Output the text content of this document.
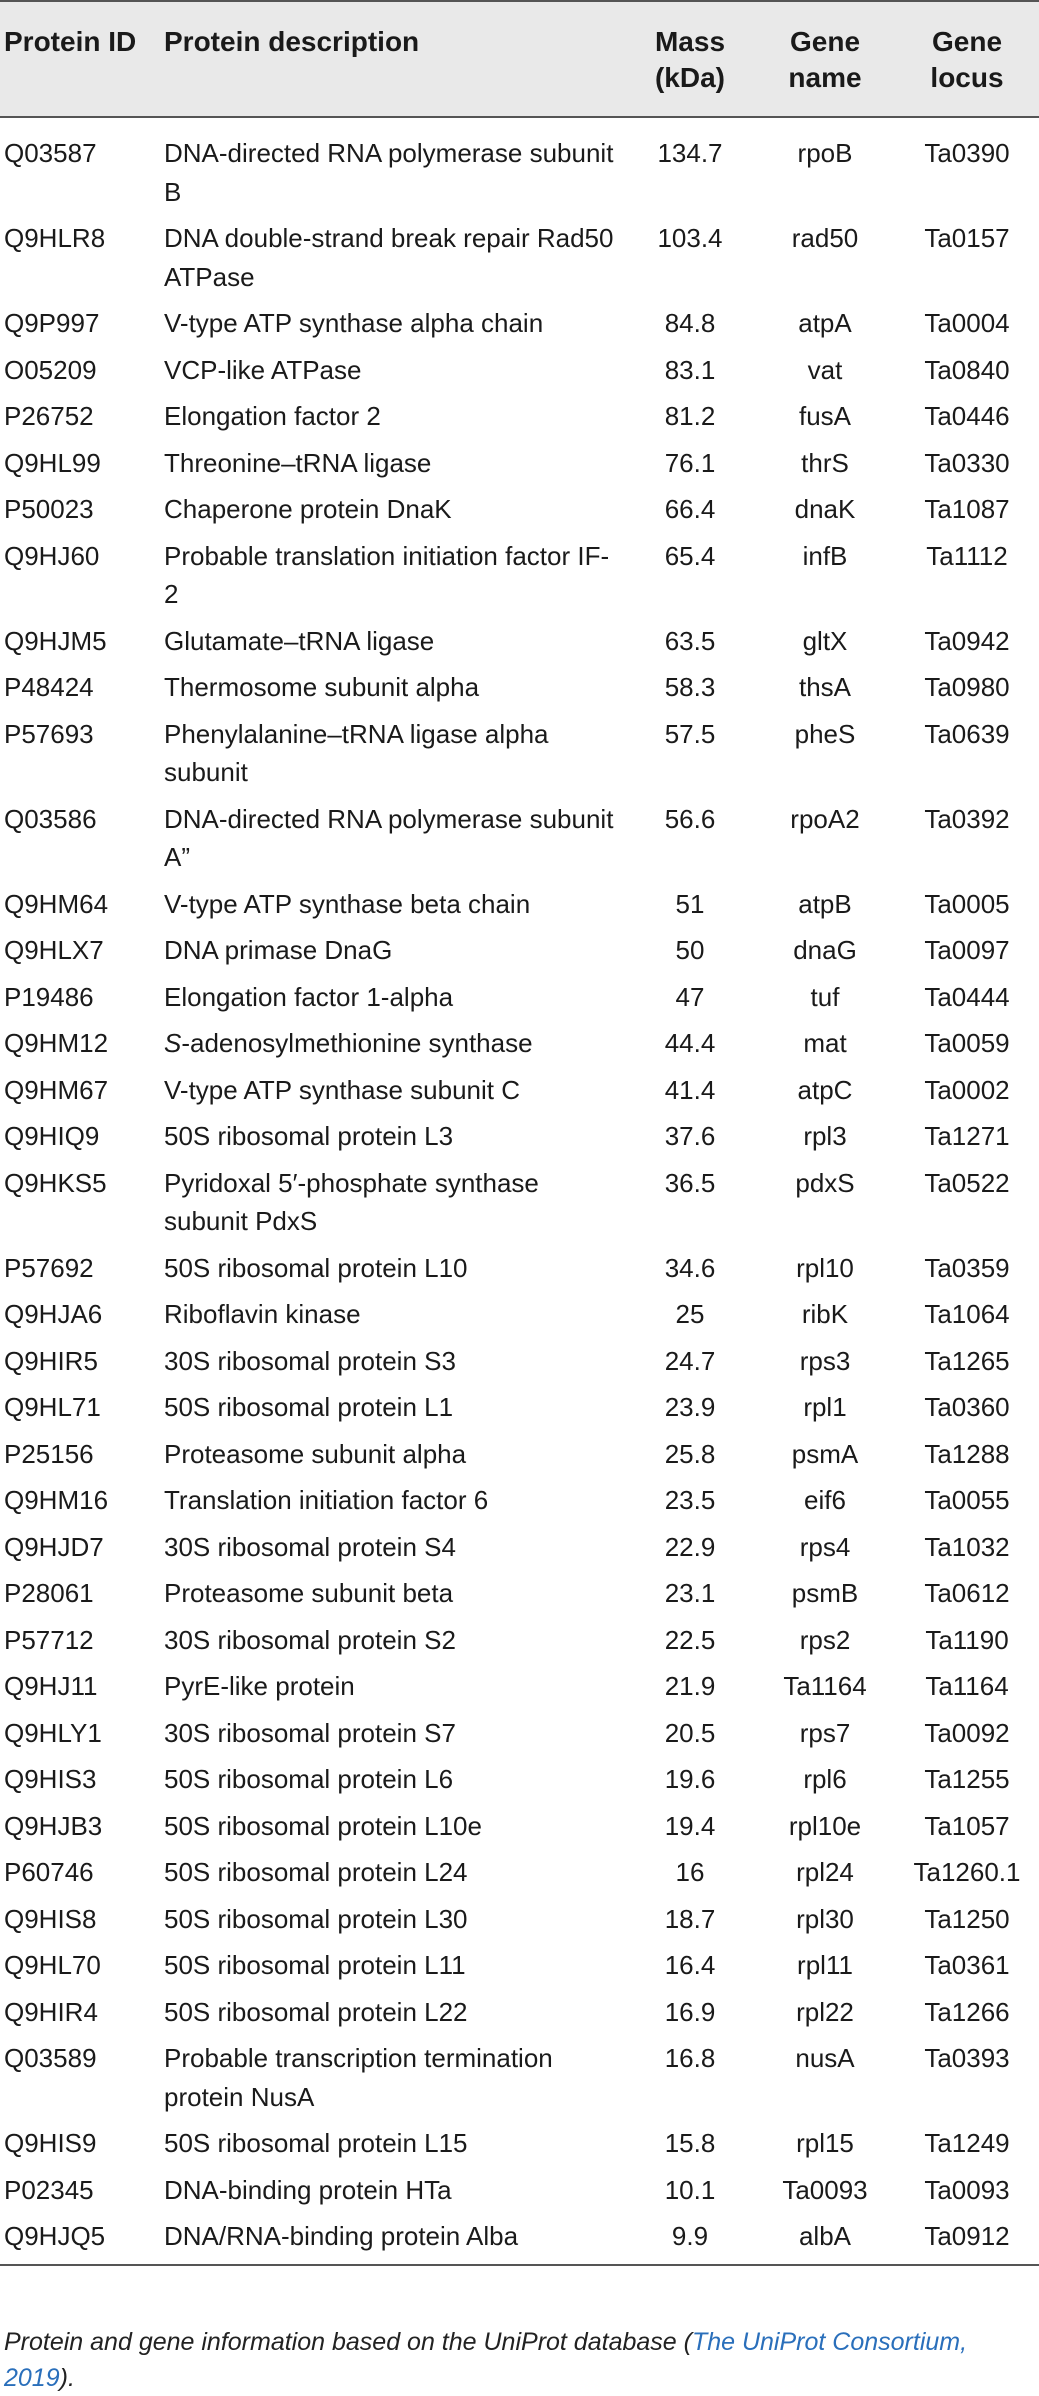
Protein ID	Protein description	Mass (kDa)	Gene name	Gene locus
Q03587	DNA-directed RNA polymerase subunit B	134.7	rpoB	Ta0390
Q9HLR8	DNA double-strand break repair Rad50 ATPase	103.4	rad50	Ta0157
Q9P997	V-type ATP synthase alpha chain	84.8	atpA	Ta0004
O05209	VCP-like ATPase	83.1	vat	Ta0840
P26752	Elongation factor 2	81.2	fusA	Ta0446
Q9HL99	Threonine–tRNA ligase	76.1	thrS	Ta0330
P50023	Chaperone protein DnaK	66.4	dnaK	Ta1087
Q9HJ60	Probable translation initiation factor IF-2	65.4	infB	Ta1112
Q9HJM5	Glutamate–tRNA ligase	63.5	gltX	Ta0942
P48424	Thermosome subunit alpha	58.3	thsA	Ta0980
P57693	Phenylalanine–tRNA ligase alpha subunit	57.5	pheS	Ta0639
Q03586	DNA-directed RNA polymerase subunit A”	56.6	rpoA2	Ta0392
Q9HM64	V-type ATP synthase beta chain	51	atpB	Ta0005
Q9HLX7	DNA primase DnaG	50	dnaG	Ta0097
P19486	Elongation factor 1-alpha	47	tuf	Ta0444
Q9HM12	S-adenosylmethionine synthase	44.4	mat	Ta0059
Q9HM67	V-type ATP synthase subunit C	41.4	atpC	Ta0002
Q9HIQ9	50S ribosomal protein L3	37.6	rpl3	Ta1271
Q9HKS5	Pyridoxal 5′-phosphate synthase subunit PdxS	36.5	pdxS	Ta0522
P57692	50S ribosomal protein L10	34.6	rpl10	Ta0359
Q9HJA6	Riboflavin kinase	25	ribK	Ta1064
Q9HIR5	30S ribosomal protein S3	24.7	rps3	Ta1265
Q9HL71	50S ribosomal protein L1	23.9	rpl1	Ta0360
P25156	Proteasome subunit alpha	25.8	psmA	Ta1288
Q9HM16	Translation initiation factor 6	23.5	eif6	Ta0055
Q9HJD7	30S ribosomal protein S4	22.9	rps4	Ta1032
P28061	Proteasome subunit beta	23.1	psmB	Ta0612
P57712	30S ribosomal protein S2	22.5	rps2	Ta1190
Q9HJ11	PyrE-like protein	21.9	Ta1164	Ta1164
Q9HLY1	30S ribosomal protein S7	20.5	rps7	Ta0092
Q9HIS3	50S ribosomal protein L6	19.6	rpl6	Ta1255
Q9HJB3	50S ribosomal protein L10e	19.4	rpl10e	Ta1057
P60746	50S ribosomal protein L24	16	rpl24	Ta1260.1
Q9HIS8	50S ribosomal protein L30	18.7	rpl30	Ta1250
Q9HL70	50S ribosomal protein L11	16.4	rpl11	Ta0361
Q9HIR4	50S ribosomal protein L22	16.9	rpl22	Ta1266
Q03589	Probable transcription termination protein NusA	16.8	nusA	Ta0393
Q9HIS9	50S ribosomal protein L15	15.8	rpl15	Ta1249
P02345	DNA-binding protein HTa	10.1	Ta0093	Ta0093
Q9HJQ5	DNA/RNA-binding protein Alba	9.9	albA	Ta0912
Protein and gene information based on the UniProt database (The UniProt Consortium, 2019).
